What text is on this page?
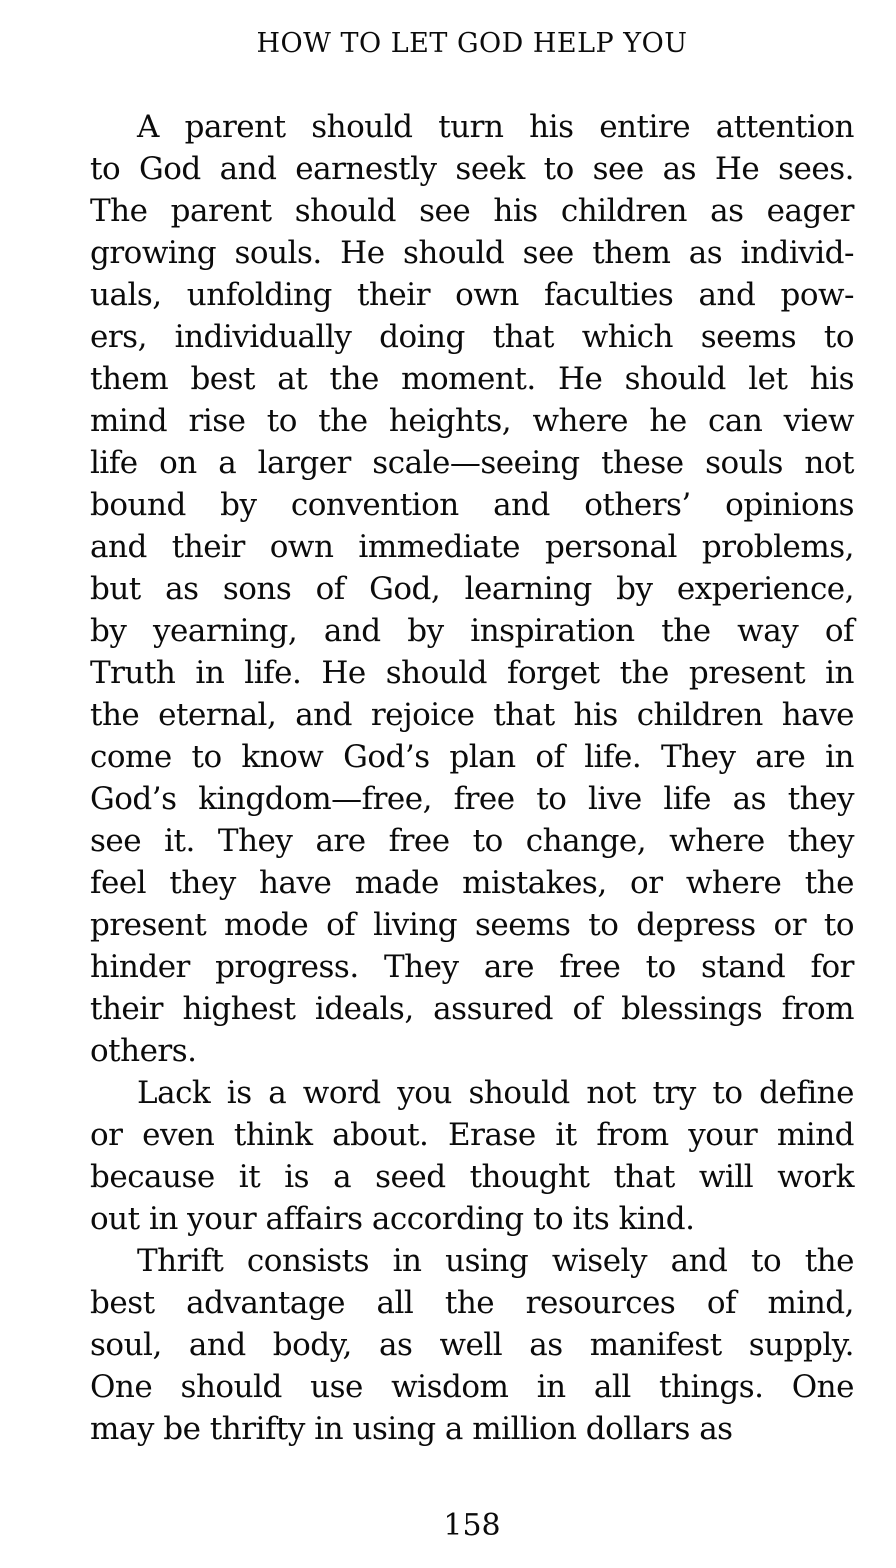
HOW TO LET GOD HELP YOU
A parent should turn his entire attention
to God and earnestly seek to see as He sees.
The parent should see his children as eager
growing souls. He should see them as individ-
uals, unfolding their own faculties and pow-
ers, individually doing that which seems to
them best at the moment. He should let his
mind rise to the heights, where he can view
life on a larger scale—seeing these souls not
bound by convention and others’ opinions
and their own immediate personal problems,
but as sons of God, learning by experience,
by yearning, and by inspiration the way of
Truth in life. He should forget the present in
the eternal, and rejoice that his children have
come to know God’s plan of life. They are in
God’s kingdom—free, free to live life as they
see it. They are free to change, where they
feel they have made mistakes, or where the
present mode of living seems to depress or to
hinder progress. They are free to stand for
their highest ideals, assured of blessings from
others.
Lack is a word you should not try to define
or even think about. Erase it from your mind
because it is a seed thought that will work
out in your affairs according to its kind.
Thrift consists in using wisely and to the
best advantage all the resources of mind,
soul, and body, as well as manifest supply.
One should use wisdom in all things. One
may be thrifty in using a million dollars as
158
